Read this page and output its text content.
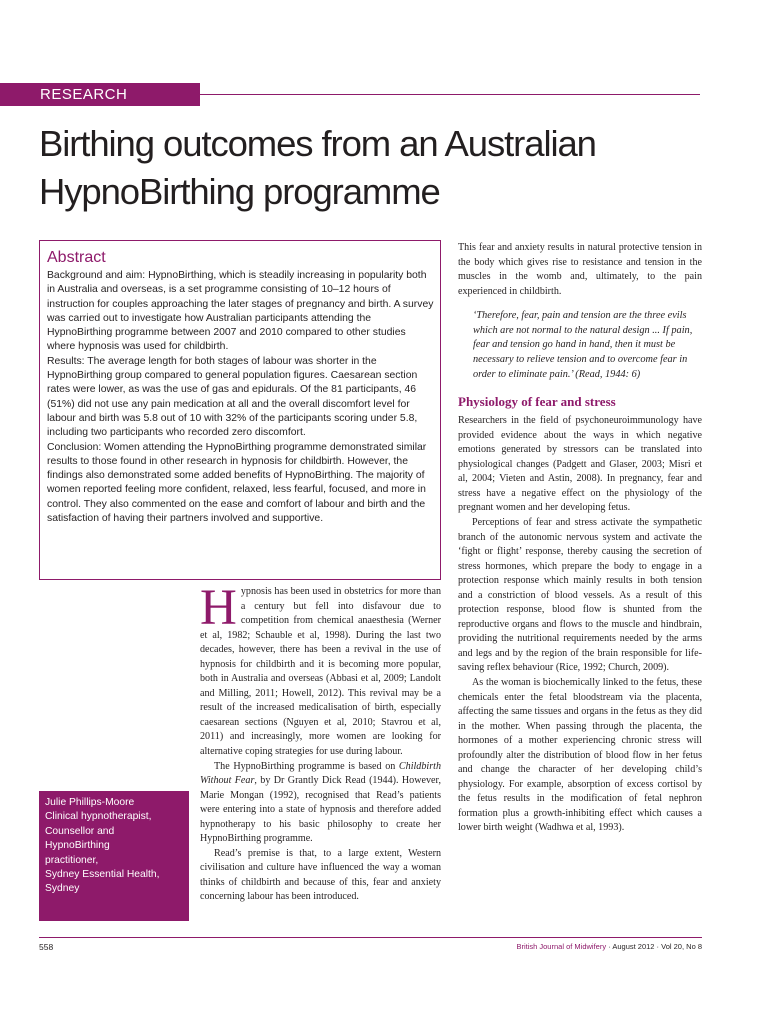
RESEARCH
Birthing outcomes from an Australian HypnoBirthing programme
Abstract

Background and aim: HypnoBirthing, which is steadily increasing in popularity both in Australia and overseas, is a set programme consisting of 10–12 hours of instruction for couples approaching the later stages of pregnancy and birth. A survey was carried out to investigate how Australian participants attending the HypnoBirthing programme between 2007 and 2010 compared to other studies where hypnosis was used for childbirth.

Results: The average length for both stages of labour was shorter in the HypnoBirthing group compared to general population figures. Caesarean section rates were lower, as was the use of gas and epidurals. Of the 81 participants, 46 (51%) did not use any pain medication at all and the overall discomfort level for labour and birth was 5.8 out of 10 with 32% of the participants scoring under 5.8, including two participants who recorded zero discomfort.

Conclusion: Women attending the HypnoBirthing programme demonstrated similar results to those found in other research in hypnosis for childbirth. However, the findings also demonstrated some added benefits of HypnoBirthing. The majority of women reported feeling more confident, relaxed, less fearful, focused, and more in control. They also commented on the ease and comfort of labour and birth and the satisfaction of having their partners involved and supportive.

Hypnosis has been used in obstetrics for more than a century but fell into disfavour due to competition from chemical anaesthesia (Werner et al, 1982; Schauble et al, 1998). During the last two decades, however, there has been a revival in the use of hypnosis for childbirth and it is becoming more popular, both in Australia and overseas (Abbasi et al, 2009; Landolt and Milling, 2011; Howell, 2012). This revival may be a result of the increased medicalisation of birth, especially caesarean sections (Nguyen et al, 2010; Stavrou et al, 2011) and increasingly, more women are looking for alternative coping strategies for use during labour.

The HypnoBirthing programme is based on Childbirth Without Fear, by Dr Grantly Dick Read (1944). However, Marie Mongan (1992), recognised that Read’s patients were entering into a state of hypnosis and therefore added hypnotherapy to his basic philosophy to create her HypnoBirthing programme.

Read’s premise is that, to a large extent, Western civilisation and culture have influenced the way a woman thinks of childbirth and because of this, fear and anxiety concerning labour has been introduced.

This fear and anxiety results in natural protective tension in the body which gives rise to resistance and tension in the muscles in the womb and, ultimately, to the pain experienced in childbirth.

‘Therefore, fear, pain and tension are the three evils which are not normal to the natural design ... If pain, fear and tension go hand in hand, then it must be necessary to relieve tension and to overcome fear in order to eliminate pain.’ (Read, 1944: 6)

Physiology of fear and stress

Researchers in the field of psychoneuroimmunology have provided evidence about the ways in which negative emotions generated by stressors can be translated into physiological changes (Padgett and Glaser, 2003; Misri et al, 2004; Vieten and Astin, 2008). In pregnancy, fear and stress have a negative effect on the physiology of the pregnant women and her developing fetus.

Perceptions of fear and stress activate the sympathetic branch of the autonomic nervous system and activate the ‘fight or flight’ response, thereby causing the secretion of stress hormones, which prepare the body to engage in a protection response which mainly results in both tension and a constriction of blood vessels. As a result of this protection response, blood flow is shunted from the reproductive organs and flows to the muscle and hindbrain, providing the nutritional requirements needed by the arms and legs and by the region of the brain responsible for life-saving reflex behaviour (Rice, 1992; Church, 2009).

As the woman is biochemically linked to the fetus, these chemicals enter the fetal bloodstream via the placenta, affecting the same tissues and organs in the fetus as they did in the mother. When passing through the placenta, the hormones of a mother experiencing chronic stress will profoundly alter the distribution of blood flow in her fetus and change the character of her developing child’s physiology. For example, absorption of excess cortisol by the fetus results in the modification of fetal nephron formation plus a growth-inhibiting effect which causes a lower birth weight (Wadhwa et al, 1993).

Julie Phillips-Moore
Clinical hypnotherapist,
Counsellor and
HypnoBirthing
practitioner,
Sydney Essential Health,
Sydney
558	British Journal of Midwifery · August 2012 · Vol 20, No 8
